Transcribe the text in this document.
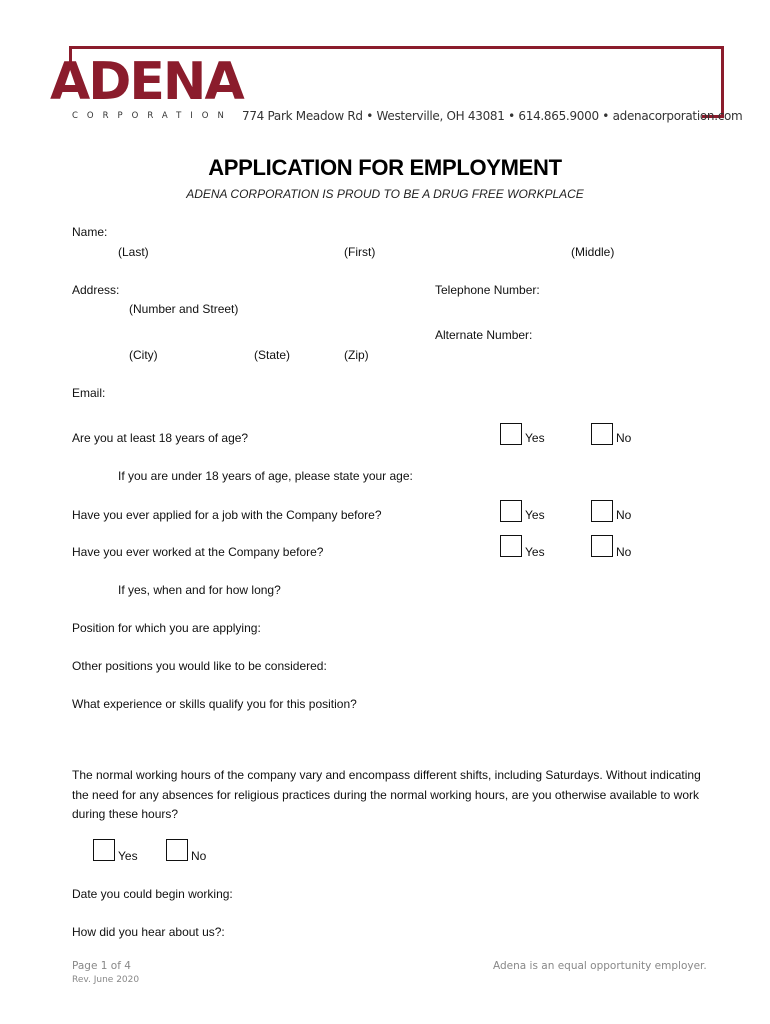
ADENA
CORPORATION 774 Park Meadow Rd • Westerville, OH 43081 • 614.865.9000 • adenacorporation.com
APPLICATION FOR EMPLOYMENT
ADENA CORPORATION IS PROUD TO BE A DRUG FREE WORKPLACE
Name:
(Last)	(First)	(Middle)
Address:	Telephone Number:
(Number and Street)
Alternate Number:
(City)	(State)	(Zip)
Email:
Are you at least 18 years of age?	Yes	No
If you are under 18 years of age, please state your age:
Have you ever applied for a job with the Company before?	Yes	No
Have you ever worked at the Company before?	Yes	No
If yes, when and for how long?
Position for which you are applying:
Other positions you would like to be considered:
What experience or skills qualify you for this position?
The normal working hours of the company vary and encompass different shifts, including Saturdays. Without indicating the need for any absences for religious practices during the normal working hours, are you otherwise available to work during these hours?
Yes	No
Date you could begin working:
How did you hear about us?:
Page 1 of 4
Rev. June 2020
Adena is an equal opportunity employer.
